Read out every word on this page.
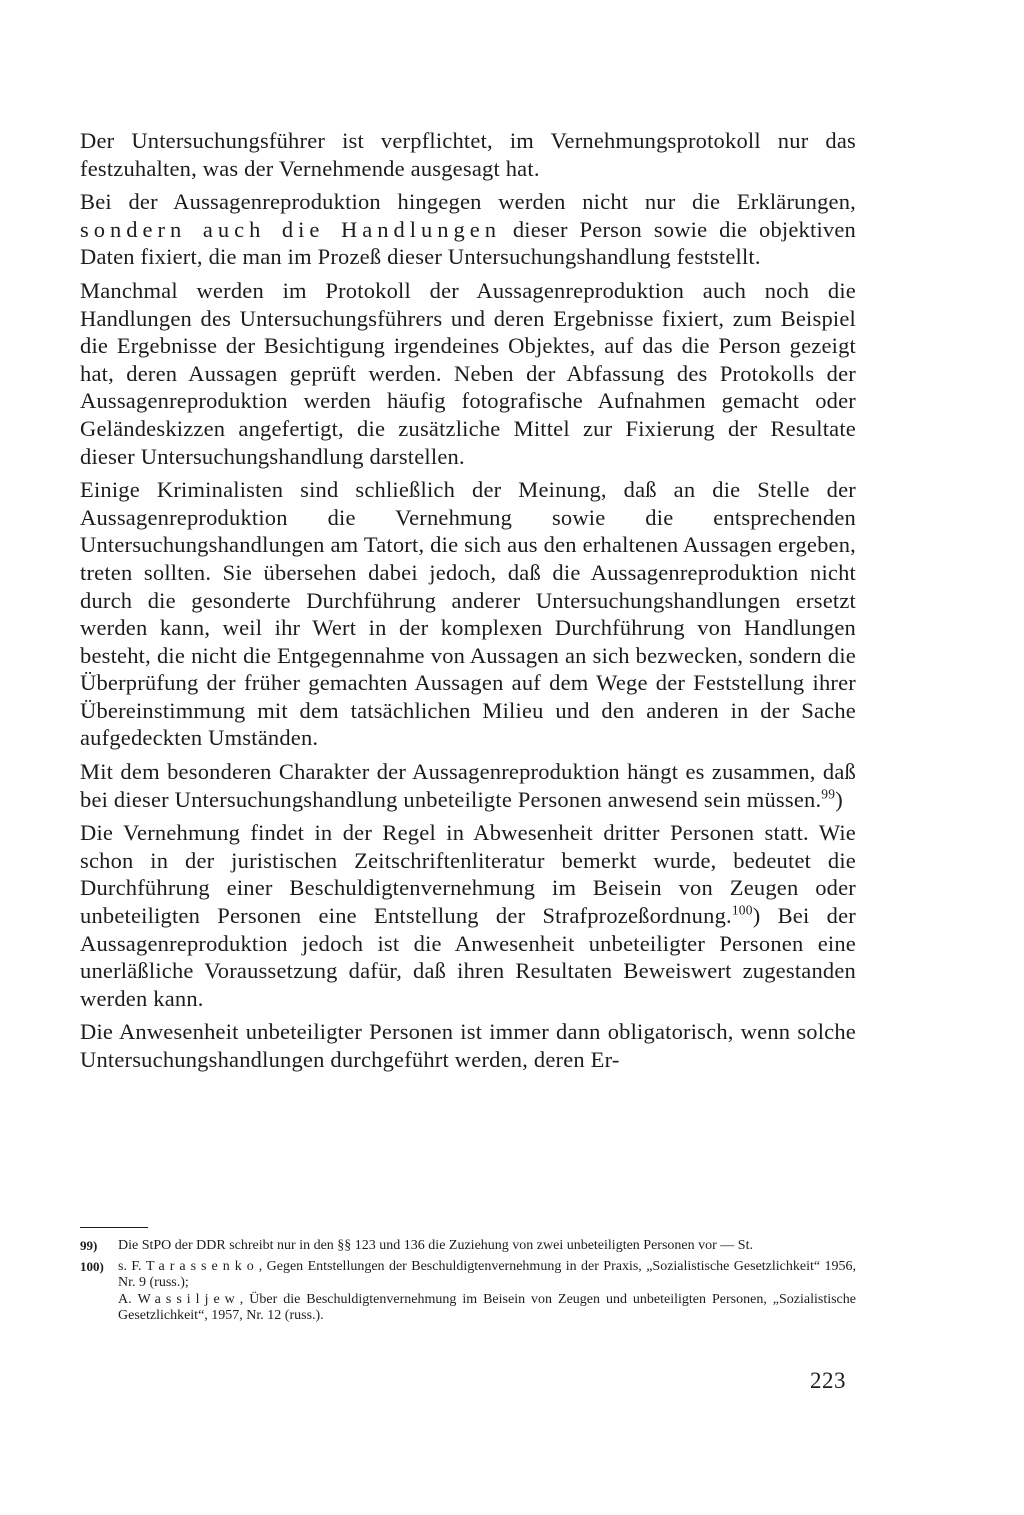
Der Untersuchungsführer ist verpflichtet, im Vernehmungsprotokoll nur das festzuhalten, was der Vernehmende ausgesagt hat.

Bei der Aussagenreproduktion hingegen werden nicht nur die Erklärungen, sondern auch die Handlungen dieser Person sowie die objektiven Daten fixiert, die man im Prozeß dieser Untersuchungshandlung feststellt.

Manchmal werden im Protokoll der Aussagenreproduktion auch noch die Handlungen des Untersuchungsführers und deren Ergebnisse fixiert, zum Beispiel die Ergebnisse der Besichtigung irgendeines Objektes, auf das die Person gezeigt hat, deren Aussagen geprüft werden. Neben der Abfassung des Protokolls der Aussagenreproduktion werden häufig fotografische Aufnahmen gemacht oder Geländeskizzen angefertigt, die zusätzliche Mittel zur Fixierung der Resultate dieser Untersuchungshandlung darstellen.

Einige Kriminalisten sind schließlich der Meinung, daß an die Stelle der Aussagenreproduktion die Vernehmung sowie die entsprechenden Untersuchungshandlungen am Tatort, die sich aus den erhaltenen Aussagen ergeben, treten sollten. Sie übersehen dabei jedoch, daß die Aussagenreproduktion nicht durch die gesonderte Durchführung anderer Untersuchungshandlungen ersetzt werden kann, weil ihr Wert in der komplexen Durchführung von Handlungen besteht, die nicht die Entgegennahme von Aussagen an sich bezwecken, sondern die Überprüfung der früher gemachten Aussagen auf dem Wege der Feststellung ihrer Übereinstimmung mit dem tatsächlichen Milieu und den anderen in der Sache aufgedeckten Umständen.

Mit dem besonderen Charakter der Aussagenreproduktion hängt es zusammen, daß bei dieser Untersuchungshandlung unbeteiligte Personen anwesend sein müssen.$^{99}$)

Die Vernehmung findet in der Regel in Abwesenheit dritter Personen statt. Wie schon in der juristischen Zeitschriftenliteratur bemerkt wurde, bedeutet die Durchführung einer Beschuldigtenvernehmung im Beisein von Zeugen oder unbeteiligten Personen eine Entstellung der Strafprozeßordnung.$^{100}$) Bei der Aussagenreproduktion jedoch ist die Anwesenheit unbeteiligter Personen eine unerläßliche Voraussetzung dafür, daß ihren Resultaten Beweiswert zugestanden werden kann.

Die Anwesenheit unbeteiligter Personen ist immer dann obligatorisch, wenn solche Untersuchungshandlungen durchgeführt werden, deren Er-

99)	Die StPO der DDR schreibt nur in den §§ 123 und 136 die Zuziehung von zwei unbeteiligten Personen vor — St.

100)	s. F. Tarassenko, Gegen Entstellungen der Beschuldigtenvernehmung in der Praxis, „Sozialistische Gesetzlichkeit“ 1956, Nr. 9 (russ.);

A. Wassiljew, Über die Beschuldigtenvernehmung im Beisein von Zeugen und unbeteiligten Personen, „Sozialistische Gesetzlichkeit“, 1957, Nr. 12 (russ.).

223
